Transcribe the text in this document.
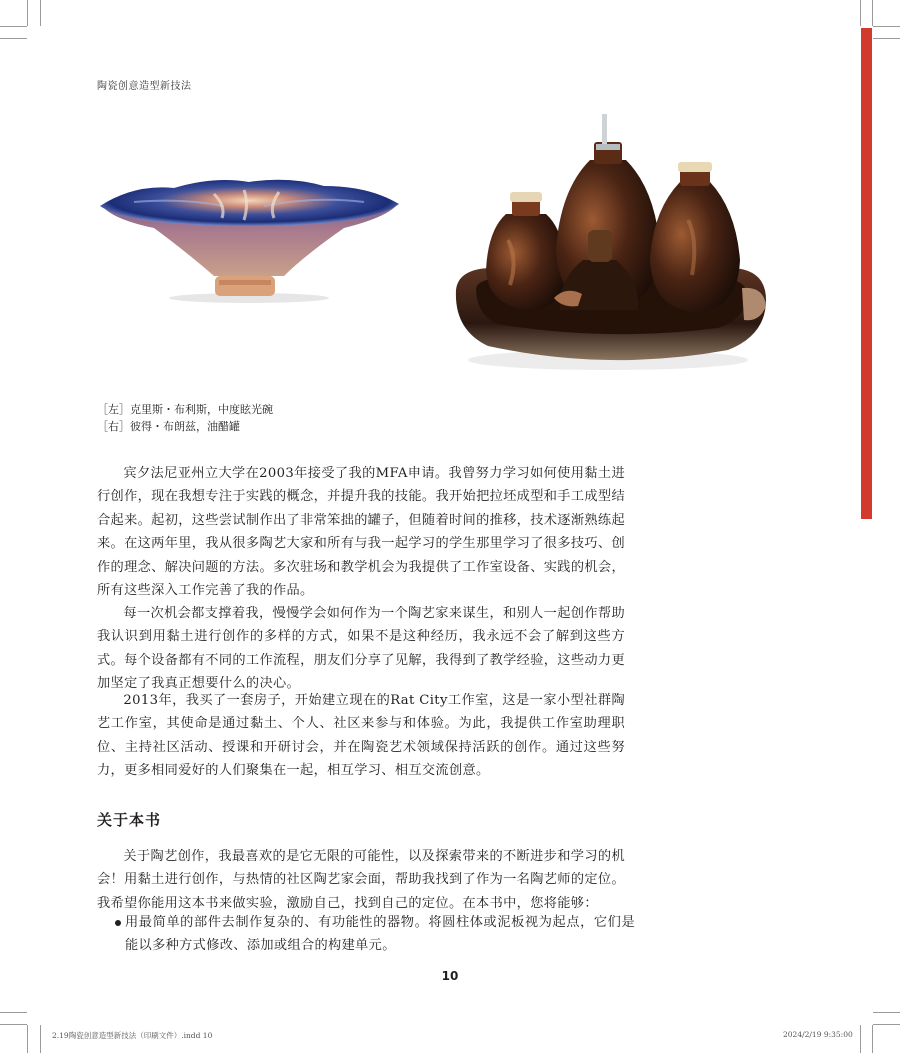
陶瓷创意造型新技法
［左］克里斯・布利斯，中度眩光碗
［右］彼得・布朗兹，油醋罐

宾夕法尼亚州立大学在2003年接受了我的MFA申请。我曾努力学习如何使用黏土进行创作，现在我想专注于实践的概念，并提升我的技能。我开始把拉坯成型和手工成型结合起来。起初，这些尝试制作出了非常笨拙的罐子，但随着时间的推移，技术逐渐熟练起来。在这两年里，我从很多陶艺大家和所有与我一起学习的学生那里学习了很多技巧、创作的理念、解决问题的方法。多次驻场和教学机会为我提供了工作室设备、实践的机会，所有这些深入工作完善了我的作品。

每一次机会都支撑着我，慢慢学会如何作为一个陶艺家来谋生，和别人一起创作帮助我认识到用黏土进行创作的多样的方式，如果不是这种经历，我永远不会了解到这些方式。每个设备都有不同的工作流程，朋友们分享了见解，我得到了教学经验，这些动力更加坚定了我真正想要什么的决心。

2013年，我买了一套房子，开始建立现在的Rat City工作室，这是一家小型社群陶艺工作室，其使命是通过黏土、个人、社区来参与和体验。为此，我提供工作室助理职位、主持社区活动、授课和开研讨会，并在陶瓷艺术领域保持活跃的创作。通过这些努力，更多相同爱好的人们聚集在一起，相互学习、相互交流创意。

关于本书

关于陶艺创作，我最喜欢的是它无限的可能性，以及探索带来的不断进步和学习的机会！用黏土进行创作，与热情的社区陶艺家会面，帮助我找到了作为一名陶艺师的定位。我希望你能用这本书来做实验，激励自己，找到自己的定位。在本书中，您将能够：

用最简单的部件去制作复杂的、有功能性的器物。将圆柱体或泥板视为起点，它们是能以多种方式修改、添加或组合的构建单元。
10
2.19陶瓷创意造型新技法（印刷文件）.indd 10	2024/2/19 9:35:00
